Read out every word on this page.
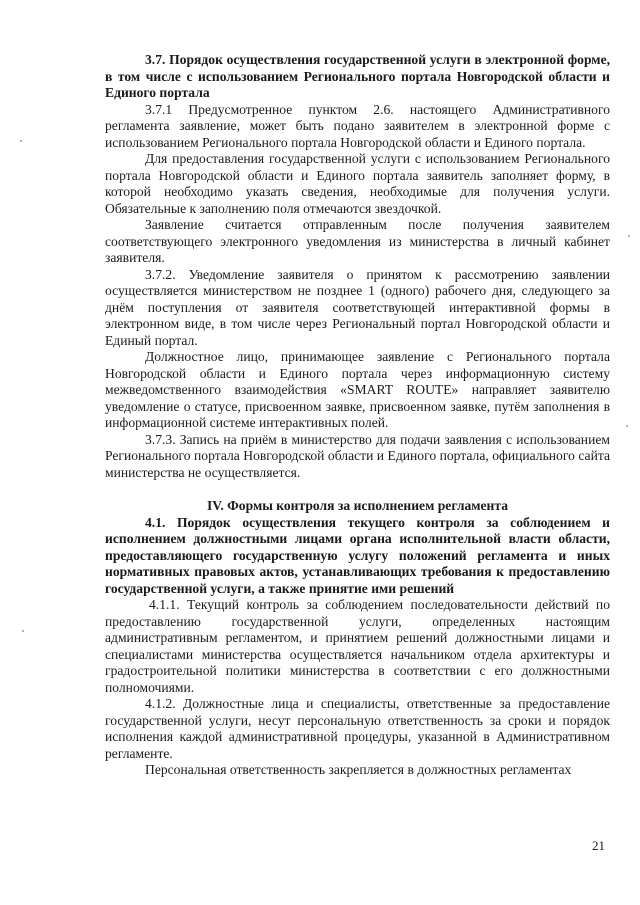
3.7. Порядок осуществления государственной услуги в электронной форме, в том числе с использованием Регионального портала Новгородской области и Единого портала

3.7.1 Предусмотренное пунктом 2.6. настоящего Административного регламента заявление, может быть подано заявителем в электронной форме с использованием Регионального портала Новгородской области и Единого портала.

Для предоставления государственной услуги с использованием Регионального портала Новгородской области и Единого портала заявитель заполняет форму, в которой необходимо указать сведения, необходимые для получения услуги. Обязательные к заполнению поля отмечаются звездочкой.

Заявление считается отправленным после получения заявителем соответствующего электронного уведомления из министерства в личный кабинет заявителя.

3.7.2. Уведомление заявителя о принятом к рассмотрению заявлении осуществляется министерством не позднее 1 (одного) рабочего дня, следующего за днём поступления от заявителя соответствующей интерактивной формы в электронном виде, в том числе через Региональный портал Новгородской области и Единый портал.

Должностное лицо, принимающее заявление с Регионального портала Новгородской области и Единого портала через информационную систему межведомственного взаимодействия «SMART ROUTE» направляет заявителю уведомление о статусе, присвоенном заявке, присвоенном заявке, путём заполнения в информационной системе интерактивных полей.

3.7.3. Запись на приём в министерство для подачи заявления с использованием Регионального портала Новгородской области и Единого портала, официального сайта министерства не осуществляется.

IV. Формы контроля за исполнением регламента

4.1. Порядок осуществления текущего контроля за соблюдением и исполнением должностными лицами органа исполнительной власти области, предоставляющего государственную услугу положений регламента и иных нормативных правовых актов, устанавливающих требования к предоставлению государственной услуги, а также принятие ими решений

4.1.1. Текущий контроль за соблюдением последовательности действий по предоставлению государственной услуги, определенных настоящим административным регламентом, и принятием решений должностными лицами и специалистами министерства осуществляется начальником отдела архитектуры и градостроительной политики министерства в соответствии с его должностными полномочиями.

4.1.2. Должностные лица и специалисты, ответственные за предоставление государственной услуги, несут персональную ответственность за сроки и порядок исполнения каждой административной процедуры, указанной в Административном регламенте.

Персональная ответственность закрепляется в должностных регламентах

21
